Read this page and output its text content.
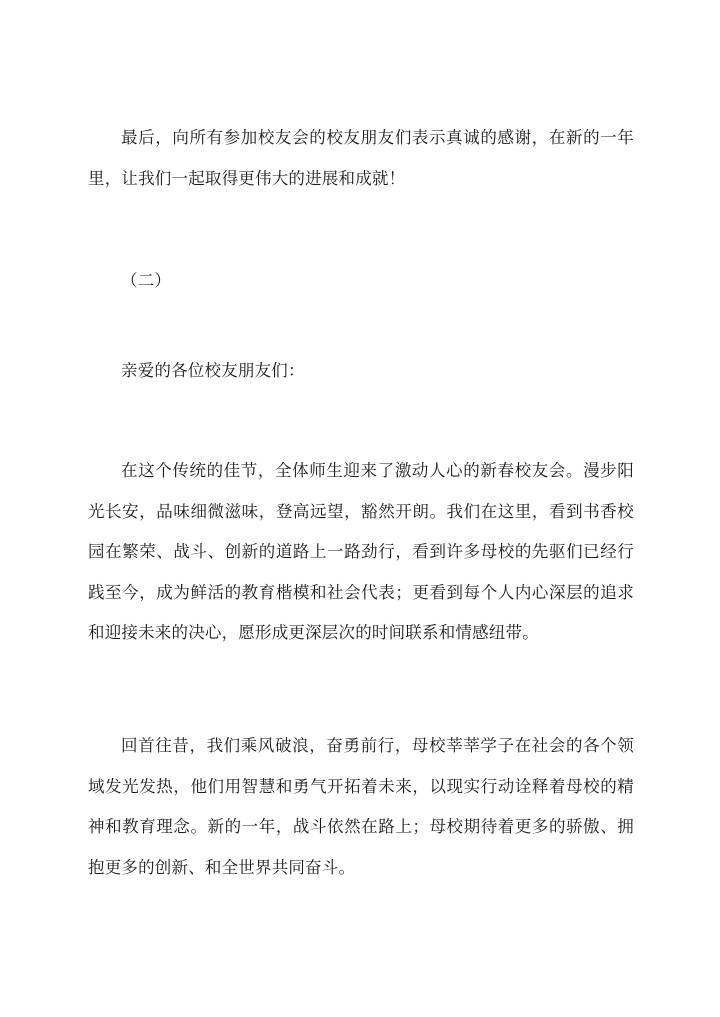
最后，向所有参加校友会的校友朋友们表示真诚的感谢，在新的一年里，让我们一起取得更伟大的进展和成就！

（二）

亲爱的各位校友朋友们：

在这个传统的佳节，全体师生迎来了激动人心的新春校友会。漫步阳光长安，品味细微滋味，登高远望，豁然开朗。我们在这里，看到书香校园在繁荣、战斗、创新的道路上一路劲行，看到许多母校的先驱们已经行践至今，成为鲜活的教育楷模和社会代表；更看到每个人内心深层的追求和迎接未来的决心，愿形成更深层次的时间联系和情感纽带。

回首往昔，我们乘风破浪，奋勇前行，母校莘莘学子在社会的各个领域发光发热，他们用智慧和勇气开拓着未来，以现实行动诠释着母校的精神和教育理念。新的一年，战斗依然在路上；母校期待着更多的骄傲、拥抱更多的创新、和全世界共同奋斗。
